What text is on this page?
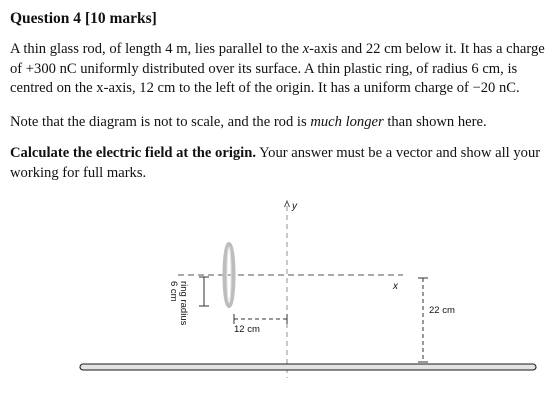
Question 4 [10 marks]

A thin glass rod, of length 4 m, lies parallel to the x-axis and 22 cm below it. It has a charge of +300 nC uniformly distributed over its surface. A thin plastic ring, of radius 6 cm, is centred on the x-axis, 12 cm to the left of the origin. It has a uniform charge of −20 nC.

Note that the diagram is not to scale, and the rod is much longer than shown here.

Calculate the electric field at the origin. Your answer must be a vector and show all your working for full marks.

y
x
ring radius
6 cm
12 cm
22 cm
